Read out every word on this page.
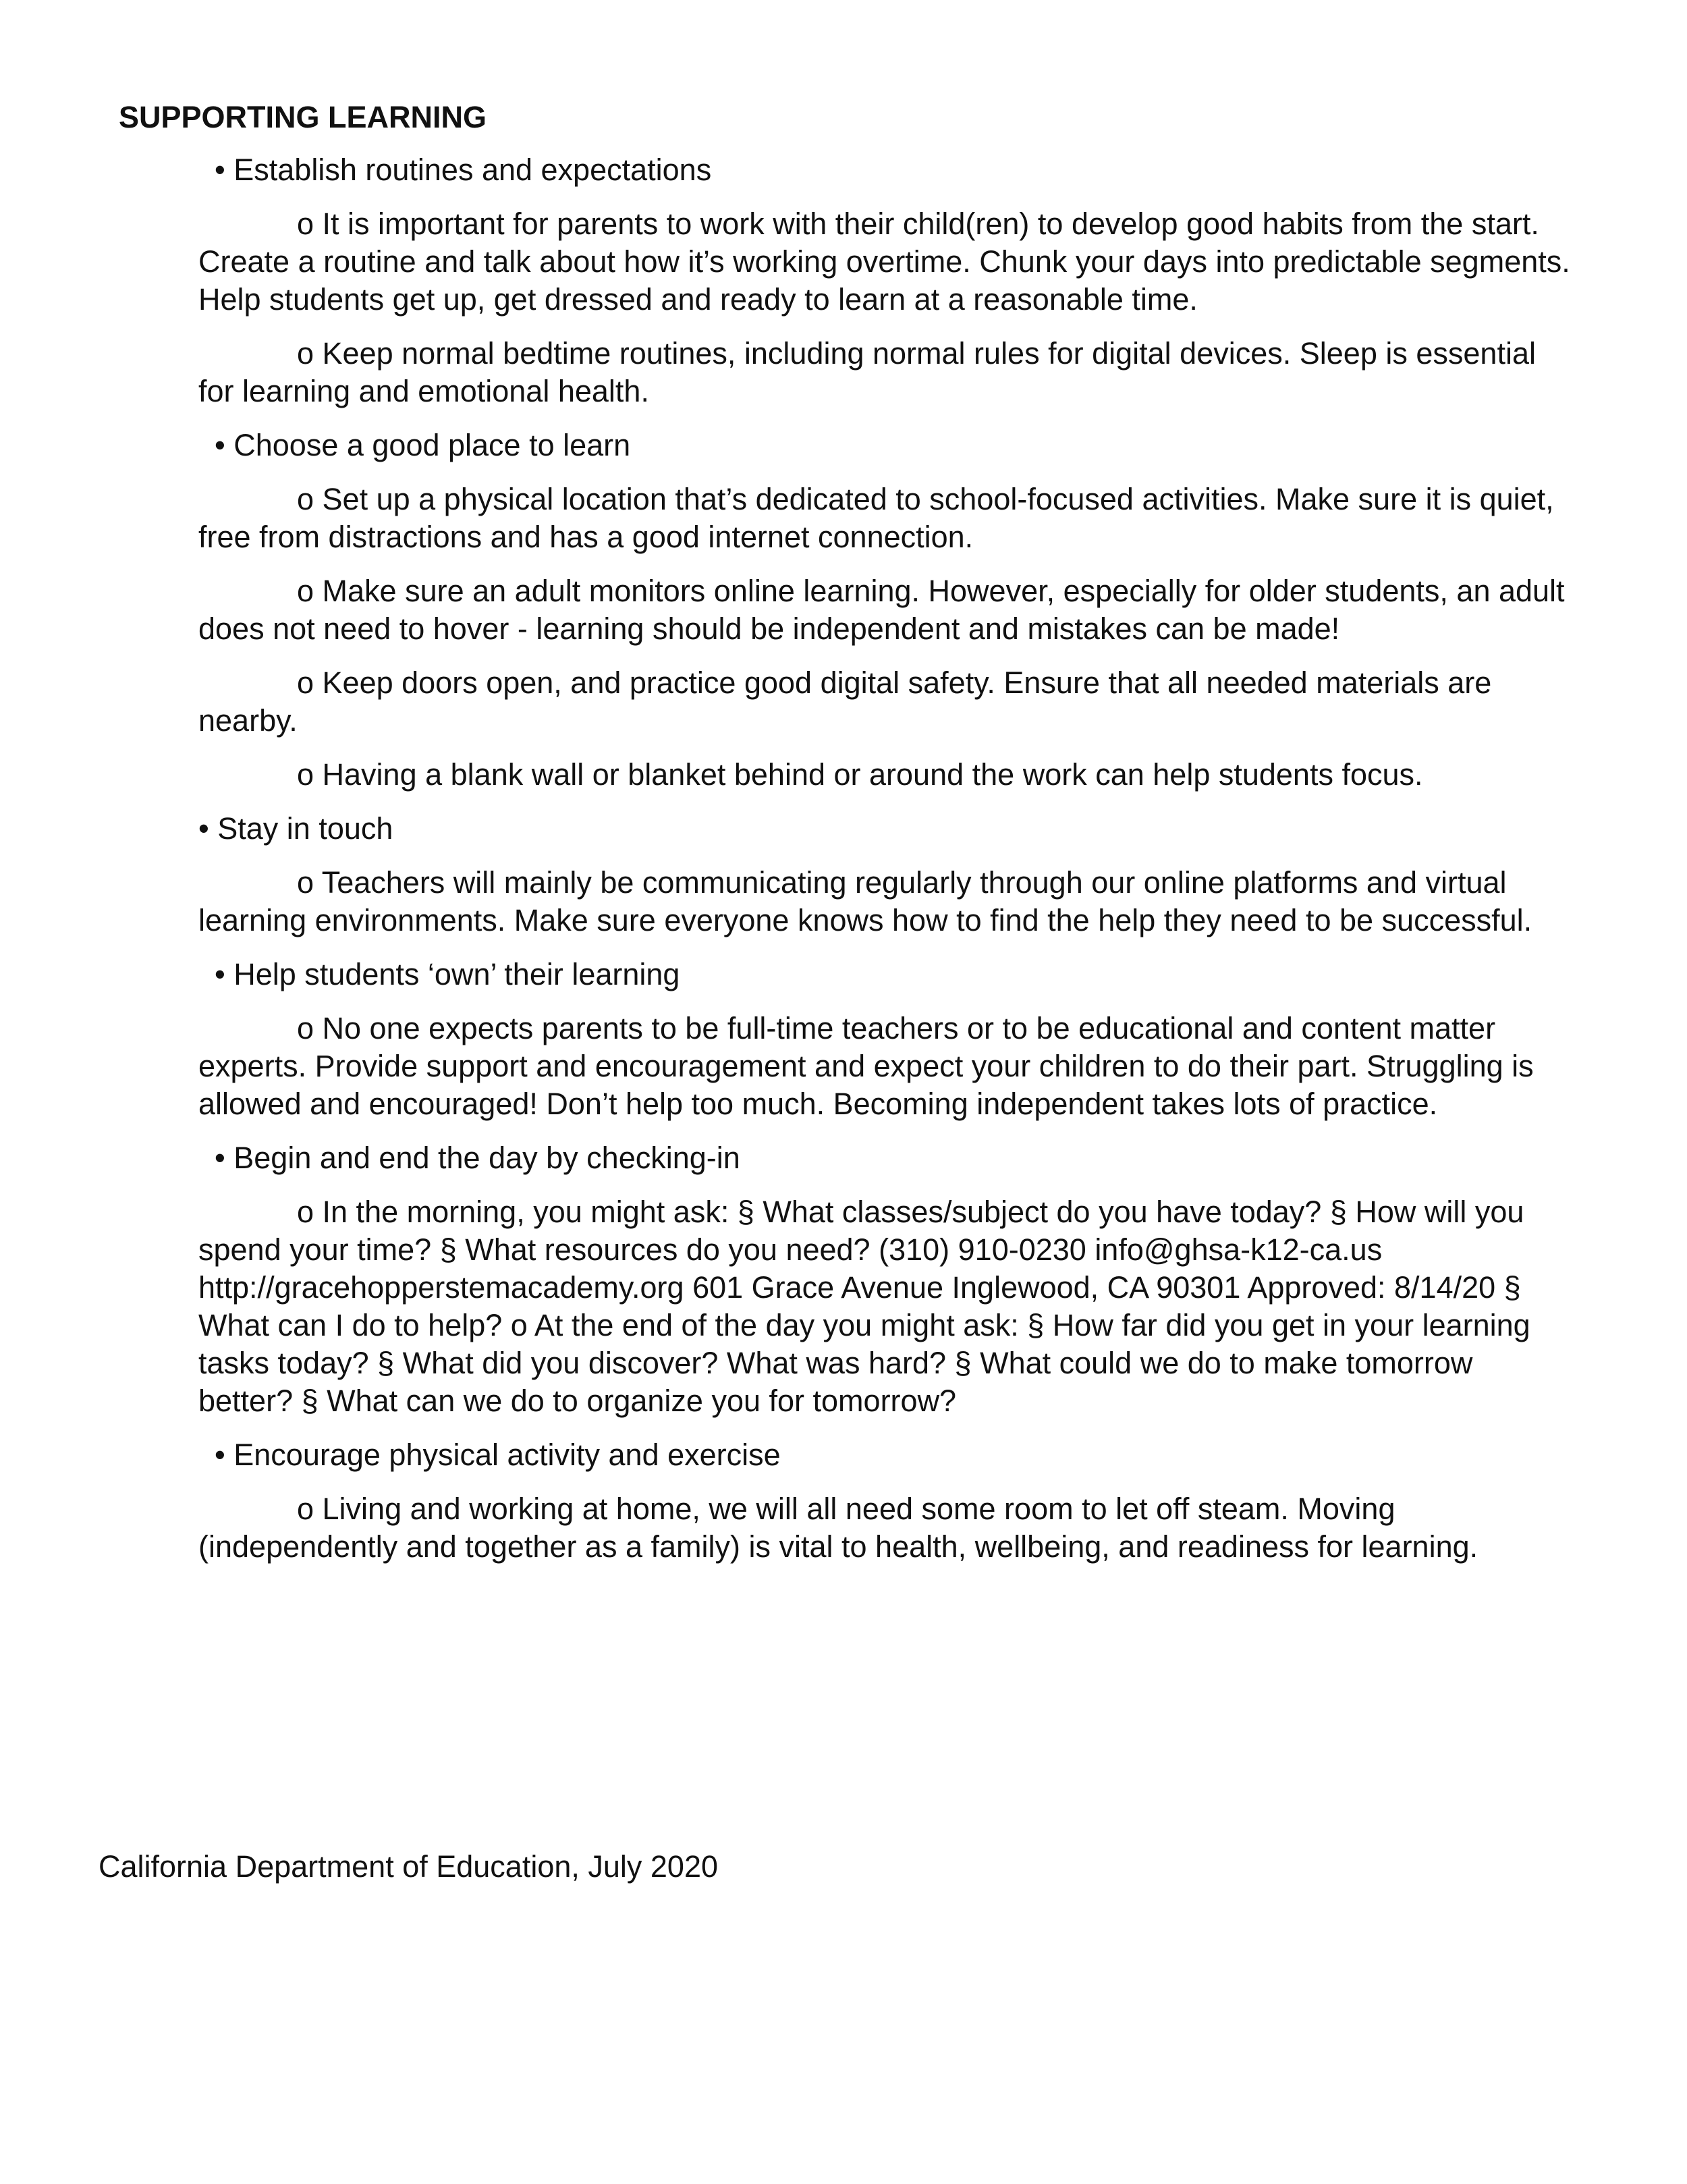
SUPPORTING LEARNING

• Establish routines and expectations

o It is important for parents to work with their child(ren) to develop good habits from the start. Create a routine and talk about how it’s working overtime. Chunk your days into predictable segments. Help students get up, get dressed and ready to learn at a reasonable time.

o Keep normal bedtime routines, including normal rules for digital devices. Sleep is essential for learning and emotional health.

• Choose a good place to learn

o Set up a physical location that’s dedicated to school-focused activities. Make sure it is quiet, free from distractions and has a good internet connection.

o Make sure an adult monitors online learning. However, especially for older students, an adult does not need to hover - learning should be independent and mistakes can be made!

o Keep doors open, and practice good digital safety. Ensure that all needed materials are nearby.

o Having a blank wall or blanket behind or around the work can help students focus.

• Stay in touch

o Teachers will mainly be communicating regularly through our online platforms and virtual learning environments. Make sure everyone knows how to find the help they need to be successful.

• Help students ‘own’ their learning

o No one expects parents to be full-time teachers or to be educational and content matter experts. Provide support and encouragement and expect your children to do their part. Struggling is allowed and encouraged! Don’t help too much. Becoming independent takes lots of practice.

• Begin and end the day by checking-in

o In the morning, you might ask: § What classes/subject do you have today? § How will you spend your time? § What resources do you need? (310) 910-0230 info@ghsa-k12-ca.us http://gracehopperstemacademy.org 601 Grace Avenue Inglewood, CA 90301 Approved: 8/14/20 § What can I do to help? o At the end of the day you might ask: § How far did you get in your learning tasks today? § What did you discover? What was hard? § What could we do to make tomorrow better? § What can we do to organize you for tomorrow?

• Encourage physical activity and exercise

o Living and working at home, we will all need some room to let off steam. Moving (independently and together as a family) is vital to health, wellbeing, and readiness for learning.

California Department of Education, July 2020
